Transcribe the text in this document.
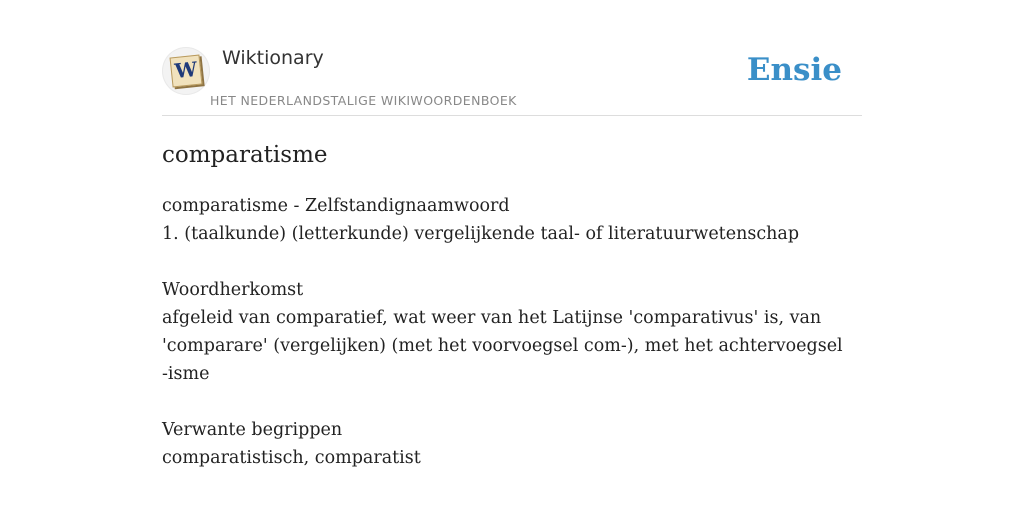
W Wiktionary
HET NEDERLANDSTALIGE WIKIWOORDENBOEK
Ensie
comparatisme
comparatisme - Zelfstandignaamwoord
1. (taalkunde) (letterkunde) vergelijkende taal- of literatuurwetenschap
Woordherkomst
afgeleid van comparatief, wat weer van het Latijnse 'comparativus' is, van 'comparare' (vergelijken) (met het voorvoegsel com-), met het achtervoegsel -isme
Verwante begrippen
comparatistisch, comparatist
